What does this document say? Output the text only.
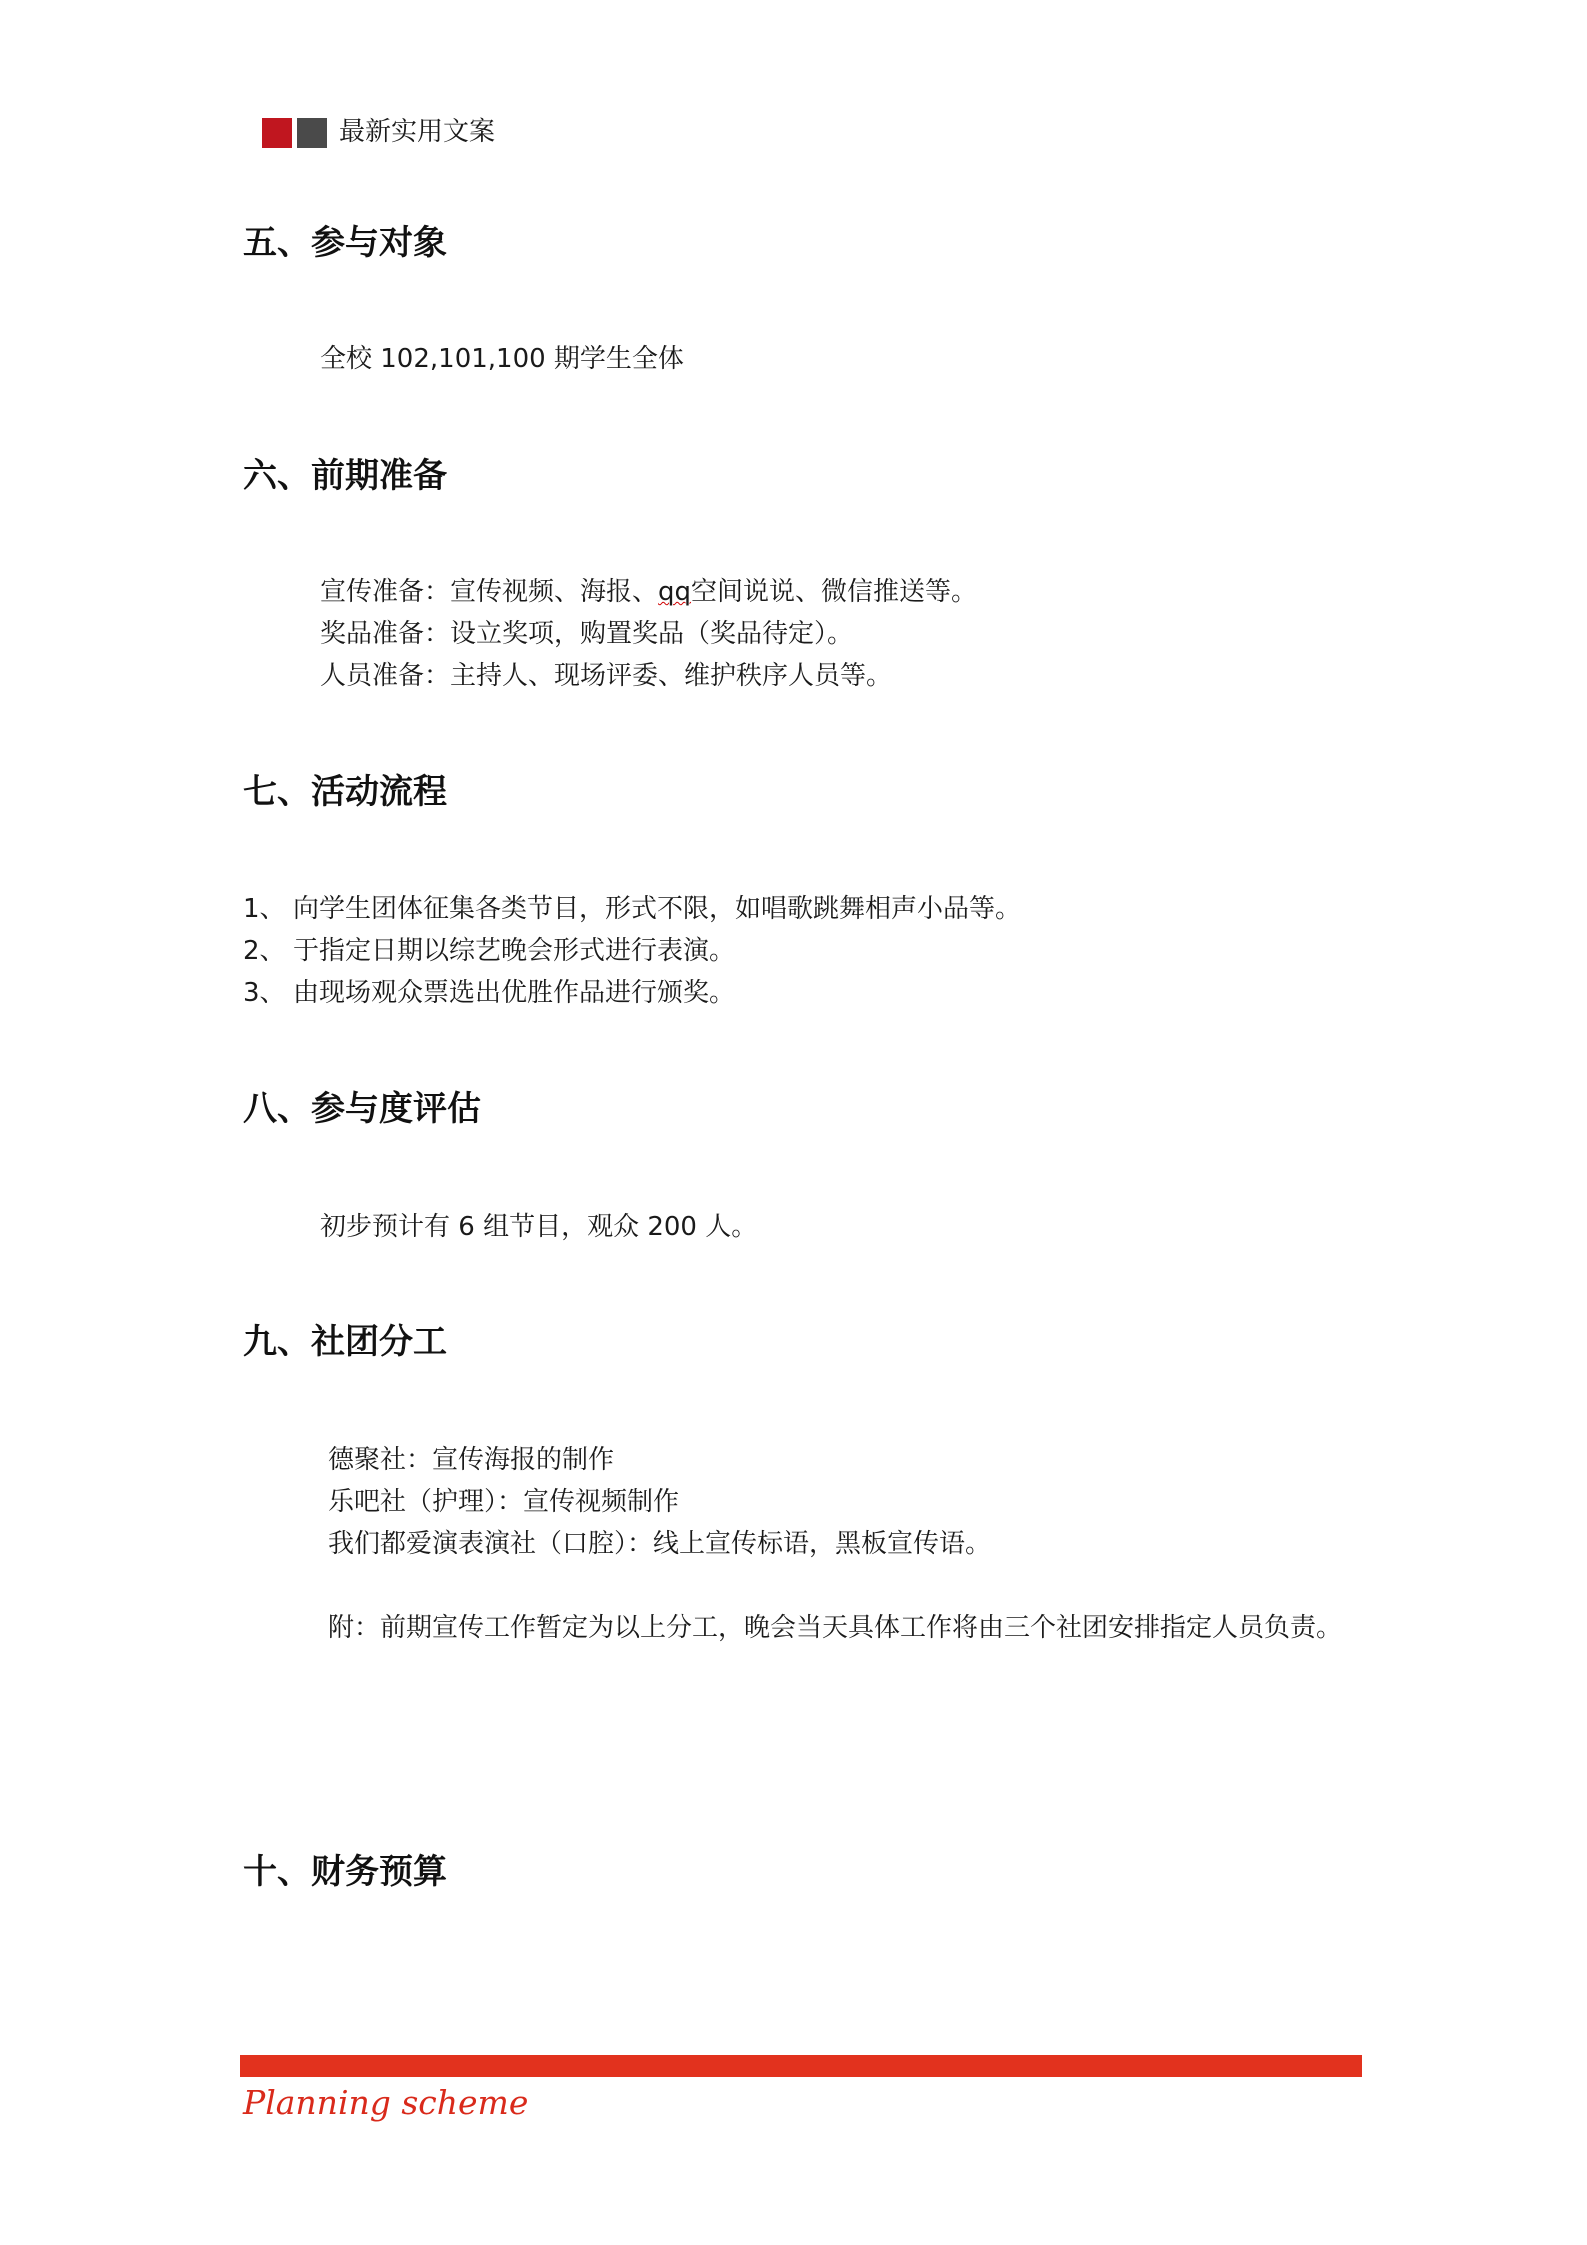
最新实用文案
五、参与对象
全校 102,101,100 期学生全体
六、前期准备
宣传准备：宣传视频、海报、qq空间说说、微信推送等。
奖品准备：设立奖项，购置奖品（奖品待定）。
人员准备：主持人、现场评委、维护秩序人员等。
七、活动流程
1、 向学生团体征集各类节目，形式不限，如唱歌跳舞相声小品等。
2、 于指定日期以综艺晚会形式进行表演。
3、 由现场观众票选出优胜作品进行颁奖。
八、参与度评估
初步预计有 6 组节目，观众 200 人。
九、社团分工
德聚社：宣传海报的制作
乐吧社（护理）：宣传视频制作
我们都爱演表演社（口腔）：线上宣传标语，黑板宣传语。
附：前期宣传工作暂定为以上分工，晚会当天具体工作将由三个社团安排指定人员负责。
十、财务预算
Planning scheme
